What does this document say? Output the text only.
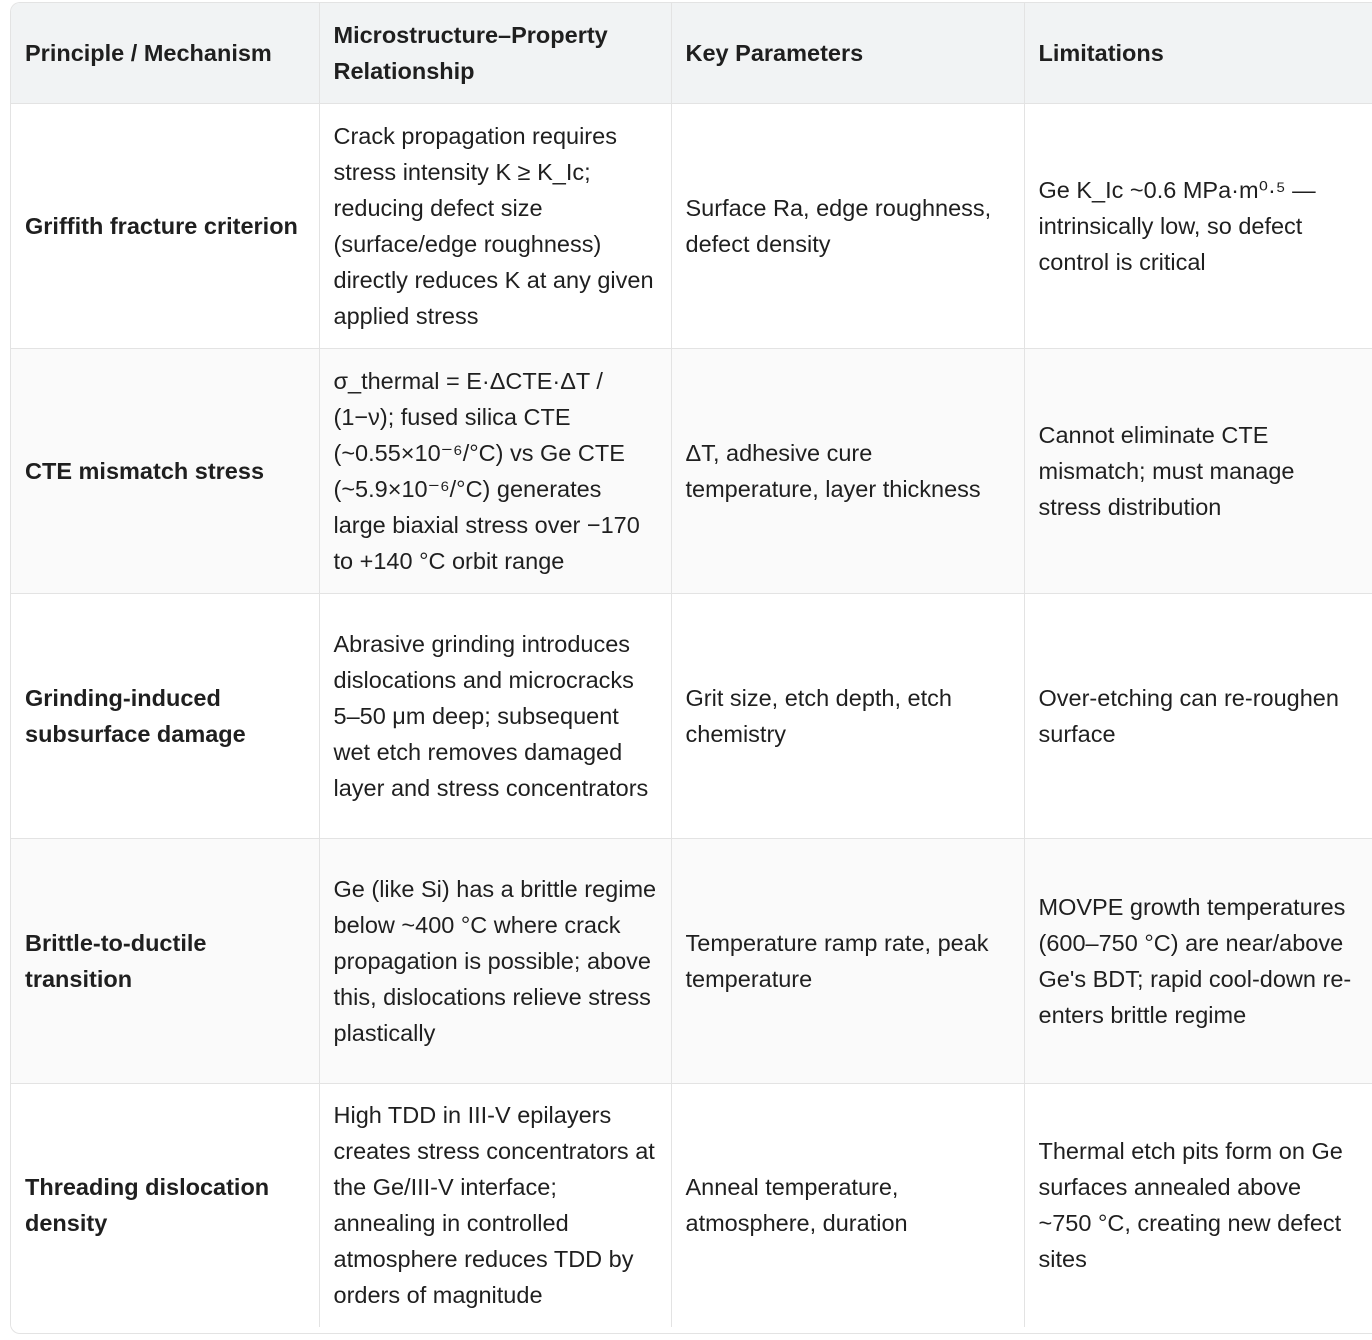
Principle / Mechanism	Microstructure–Property Relationship	Key Parameters	Limitations
Griffith fracture criterion	Crack propagation requires stress intensity K ≥ K_Ic; reducing defect size (surface/edge roughness) directly reduces K at any given applied stress	Surface Ra, edge roughness, defect density	Ge K_Ic ~0.6 MPa·m⁰·⁵ — intrinsically low, so defect control is critical
CTE mismatch stress	σ_thermal = E·ΔCTE·ΔT / (1−ν); fused silica CTE (~0.55×10⁻⁶/°C) vs Ge CTE (~5.9×10⁻⁶/°C) generates large biaxial stress over −170 to +140 °C orbit range	ΔT, adhesive cure temperature, layer thickness	Cannot eliminate CTE mismatch; must manage stress distribution
Grinding-induced subsurface damage	Abrasive grinding introduces dislocations and microcracks 5–50 μm deep; subsequent wet etch removes damaged layer and stress concentrators	Grit size, etch depth, etch chemistry	Over-etching can re-roughen surface
Brittle-to-ductile transition	Ge (like Si) has a brittle regime below ~400 °C where crack propagation is possible; above this, dislocations relieve stress plastically	Temperature ramp rate, peak temperature	MOVPE growth temperatures (600–750 °C) are near/above Ge's BDT; rapid cool-down re-enters brittle regime
Threading dislocation density	High TDD in III-V epilayers creates stress concentrators at the Ge/III-V interface; annealing in controlled atmosphere reduces TDD by orders of magnitude	Anneal temperature, atmosphere, duration	Thermal etch pits form on Ge surfaces annealed above ~750 °C, creating new defect sites
